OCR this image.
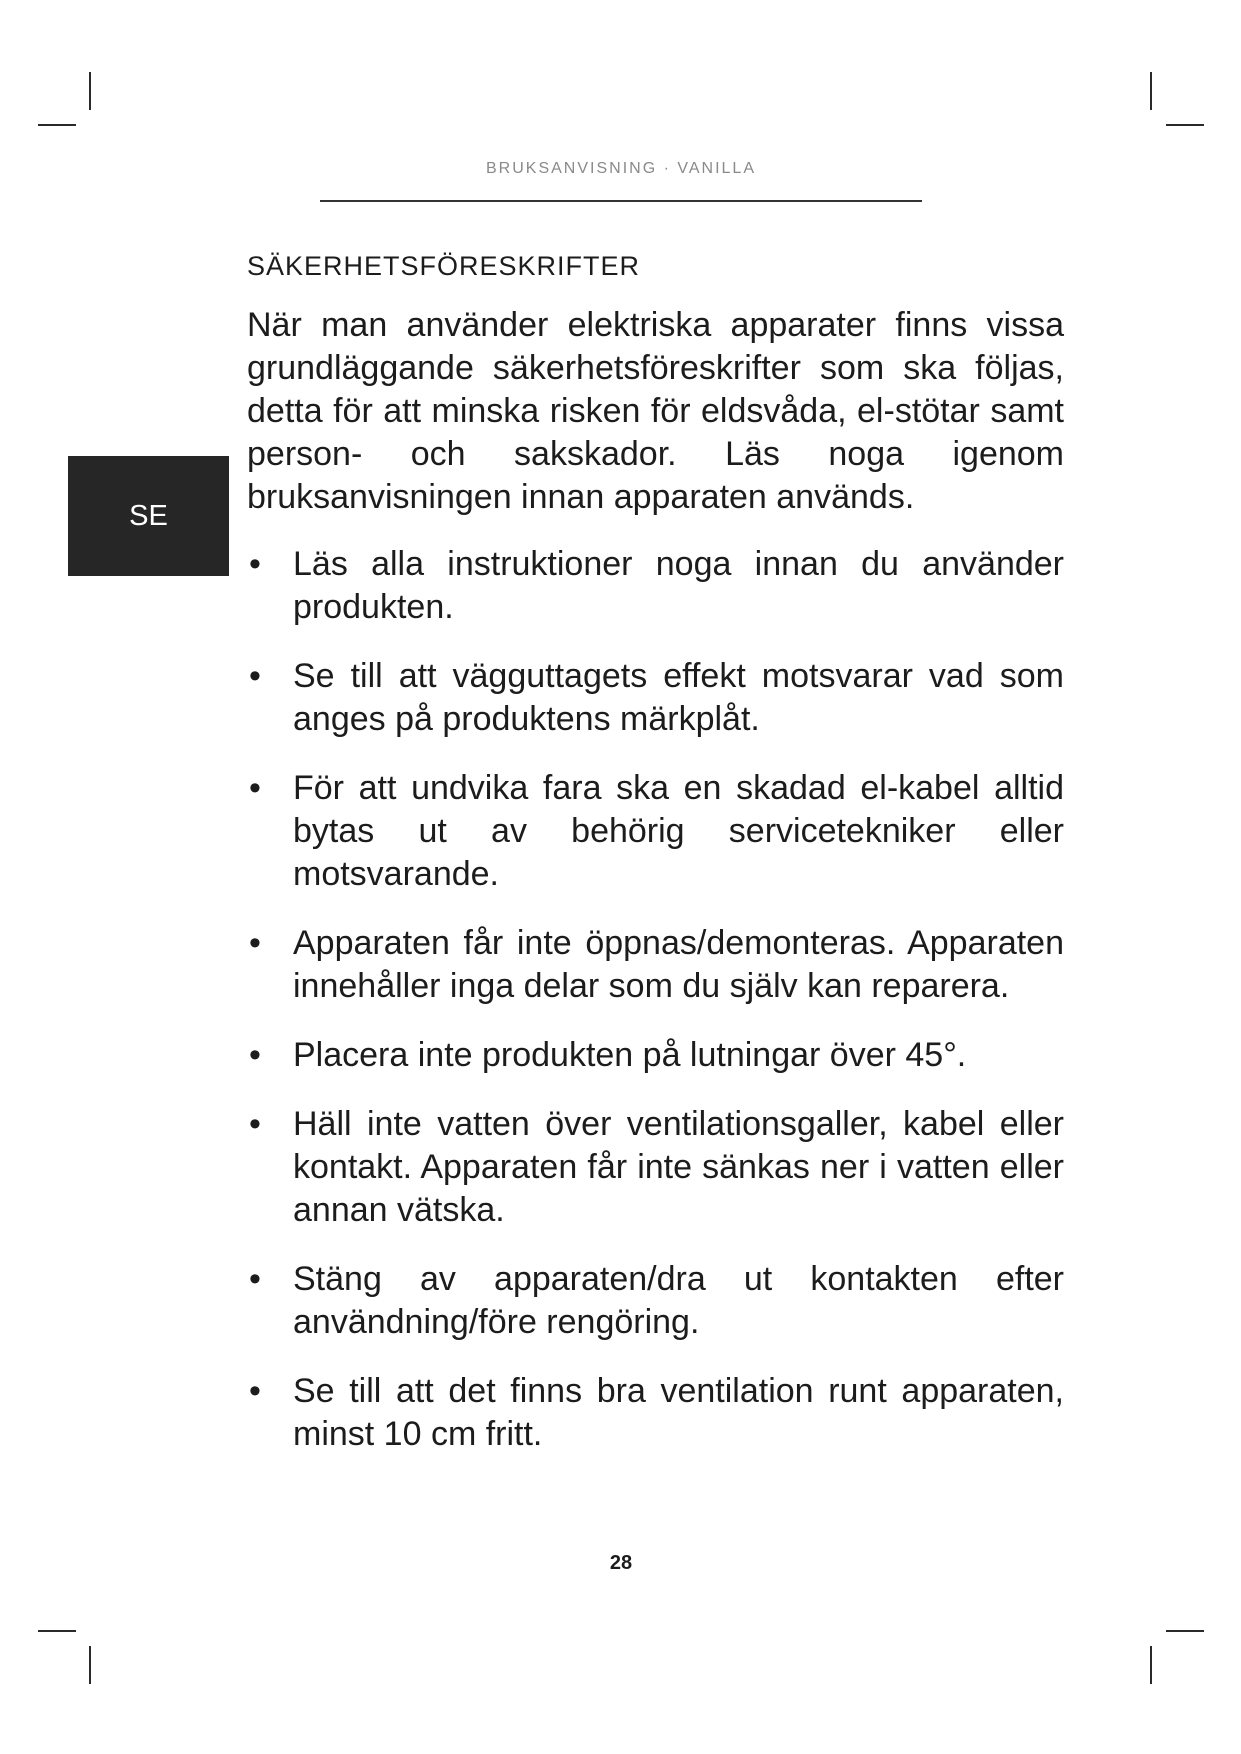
BRUKSANVISNING · VANILLA
SE
SÄKERHETSFÖRESKRIFTER

När man använder elektriska apparater finns vissa grundläggande säkerhetsföreskrifter som ska följas, detta för att minska risken för eldsvåda, el-stötar samt person- och sakskador. Läs noga igenom bruksanvisningen innan apparaten används.

• Läs alla instruktioner noga innan du använder produkten.
• Se till att vägguttagets effekt motsvarar vad som anges på produktens märkplåt.
• För att undvika fara ska en skadad el-kabel alltid bytas ut av behörig servicetekniker eller motsvarande.
• Apparaten får inte öppnas/demonteras. Apparaten innehåller inga delar som du själv kan reparera.
• Placera inte produkten på lutningar över 45°.
• Häll inte vatten över ventilationsgaller, kabel eller kontakt. Apparaten får inte sänkas ner i vatten eller annan vätska.
• Stäng av apparaten/dra ut kontakten efter användning/före rengöring.
• Se till att det finns bra ventilation runt apparaten, minst 10 cm fritt.
28
